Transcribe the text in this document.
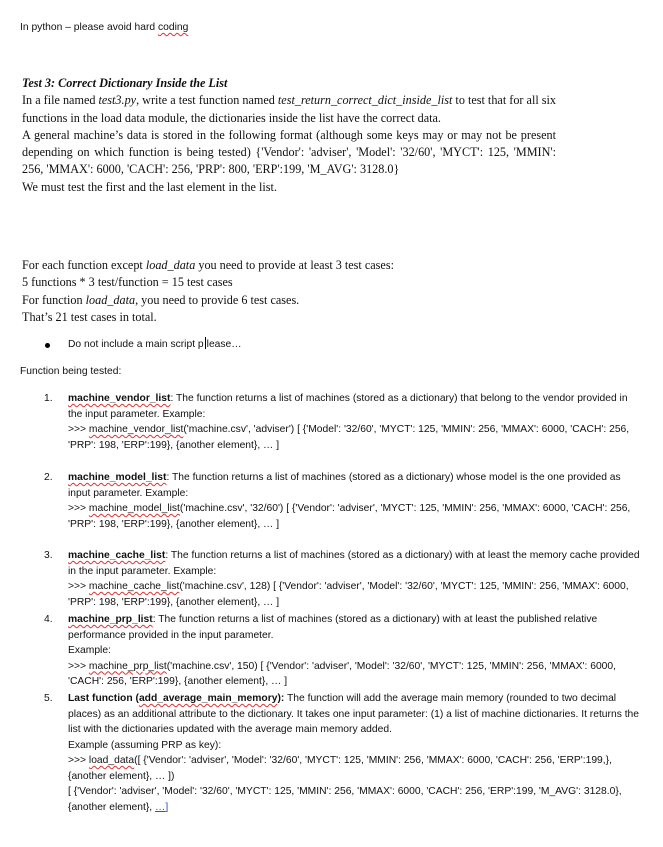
In python – please avoid hard coding
Test 3: Correct Dictionary Inside the List
In a file named test3.py, write a test function named test_return_correct_dict_inside_list to test that for all six functions in the load data module, the dictionaries inside the list have the correct data.
A general machine’s data is stored in the following format (although some keys may or may not be present depending on which function is being tested) {'Vendor': 'adviser', 'Model': '32/60', 'MYCT': 125, 'MMIN': 256, 'MMAX': 6000, 'CACH': 256, 'PRP': 800, 'ERP':199, 'M_AVG': 3128.0}
We must test the first and the last element in the list.
For each function except load_data you need to provide at least 3 test cases:
5 functions * 3 test/function = 15 test cases
For function load_data, you need to provide 6 test cases.
That’s 21 test cases in total.
Do not include a main script p lease…
Function being tested:
1. machine_vendor_list: The function returns a list of machines (stored as a dictionary) that belong to the vendor provided in the input parameter. Example:
>>> machine_vendor_list('machine.csv', 'adviser') [ {'Model': '32/60', 'MYCT': 125, 'MMIN': 256, 'MMAX': 6000, 'CACH': 256, 'PRP': 198, 'ERP':199}, {another element}, … ]
2. machine_model_list: The function returns a list of machines (stored as a dictionary) whose model is the one provided as input parameter. Example:
>>> machine_model_list('machine.csv', '32/60') [ {'Vendor': 'adviser', 'MYCT': 125, 'MMIN': 256, 'MMAX': 6000, 'CACH': 256, 'PRP': 198, 'ERP':199}, {another element}, … ]
3. machine_cache_list: The function returns a list of machines (stored as a dictionary) with at least the memory cache provided in the input parameter. Example:
>>> machine_cache_list('machine.csv', 128) [ {'Vendor': 'adviser', 'Model': '32/60', 'MYCT': 125, 'MMIN': 256, 'MMAX': 6000, 'PRP': 198, 'ERP':199}, {another element}, … ]
4. machine_prp_list: The function returns a list of machines (stored as a dictionary) with at least the published relative performance provided in the input parameter.
Example:
>>> machine_prp_list('machine.csv', 150) [ {'Vendor': 'adviser', 'Model': '32/60', 'MYCT': 125, 'MMIN': 256, 'MMAX': 6000, 'CACH': 256, 'ERP':199}, {another element}, … ]
5. Last function (add_average_main_memory): The function will add the average main memory (rounded to two decimal places) as an additional attribute to the dictionary. It takes one input parameter: (1) a list of machine dictionaries. It returns the list with the dictionaries updated with the average main memory added.
Example (assuming PRP as key):
>>> load_data([ {'Vendor': 'adviser', 'Model': '32/60', 'MYCT': 125, 'MMIN': 256, 'MMAX': 6000, 'CACH': 256, 'ERP':199,}, {another element}, … ])
[ {'Vendor': 'adviser', 'Model': '32/60', 'MYCT': 125, 'MMIN': 256, 'MMAX': 6000, 'CACH': 256, 'ERP':199, 'M_AVG': 3128.0}, {another element}, …]
